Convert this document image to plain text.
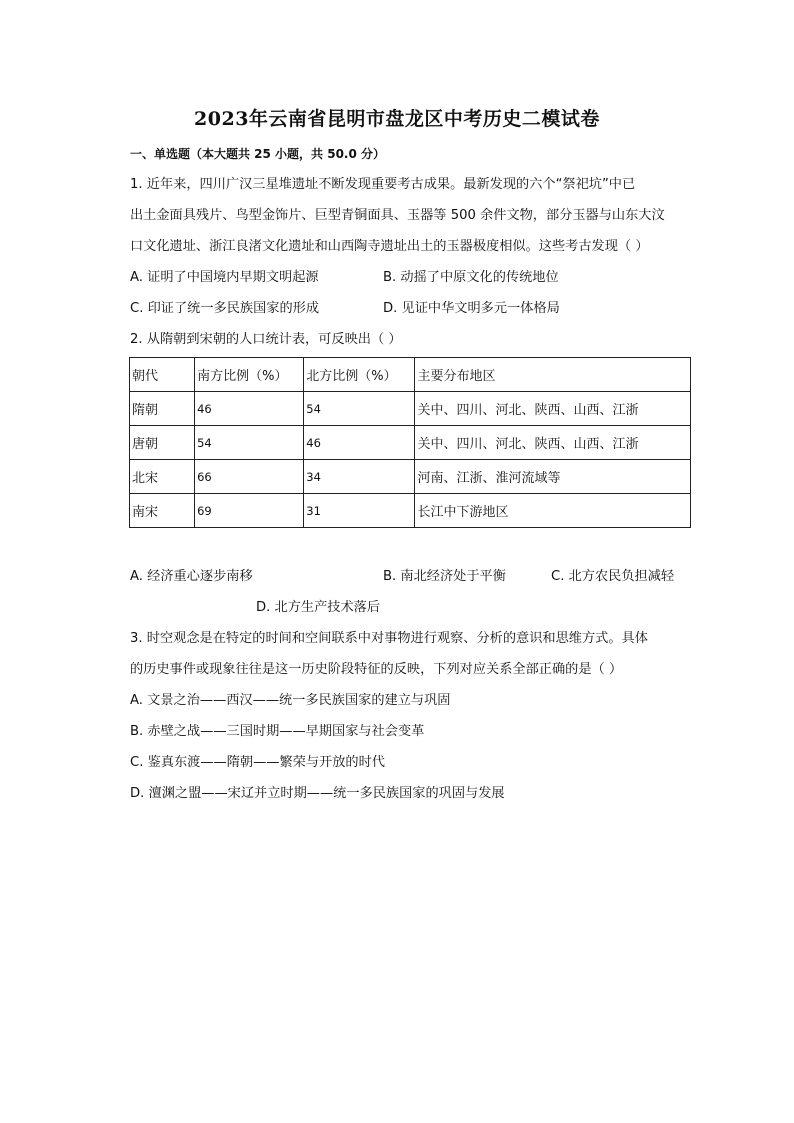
2023年云南省昆明市盘龙区中考历史二模试卷
一、单选题（本大题共 25 小题，共 50.0 分）
1. 近年来，四川广汉三星堆遗址不断发现重要考古成果。最新发现的六个“祭祀坑”中已
出土金面具残片、鸟型金饰片、巨型青铜面具、玉器等 500 余件文物，部分玉器与山东大汶
口文化遗址、浙江良渚文化遗址和山西陶寺遗址出土的玉器极度相似。这些考古发现（ ）
A. 证明了中国境内早期文明起源	B. 动摇了中原文化的传统地位
C. 印证了统一多民族国家的形成	D. 见证中华文明多元一体格局
2. 从隋朝到宋朝的人口统计表，可反映出（ ）
朝代	南方比例（%）	北方比例（%）	主要分布地区
隋朝	46	54	关中、四川、河北、陕西、山西、江浙
唐朝	54	46	关中、四川、河北、陕西、山西、江浙
北宋	66	34	河南、江浙、淮河流域等
南宋	69	31	长江中下游地区
A. 经济重心逐步南移	B. 南北经济处于平衡	C. 北方农民负担减轻
D. 北方生产技术落后
3. 时空观念是在特定的时间和空间联系中对事物进行观察、分析的意识和思维方式。具体
的历史事件或现象往往是这一历史阶段特征的反映，下列对应关系全部正确的是（ ）
A. 文景之治——西汉——统一多民族国家的建立与巩固
B. 赤壁之战——三国时期——早期国家与社会变革
C. 鉴真东渡——隋朝——繁荣与开放的时代
D. 澶渊之盟——宋辽并立时期——统一多民族国家的巩固与发展
